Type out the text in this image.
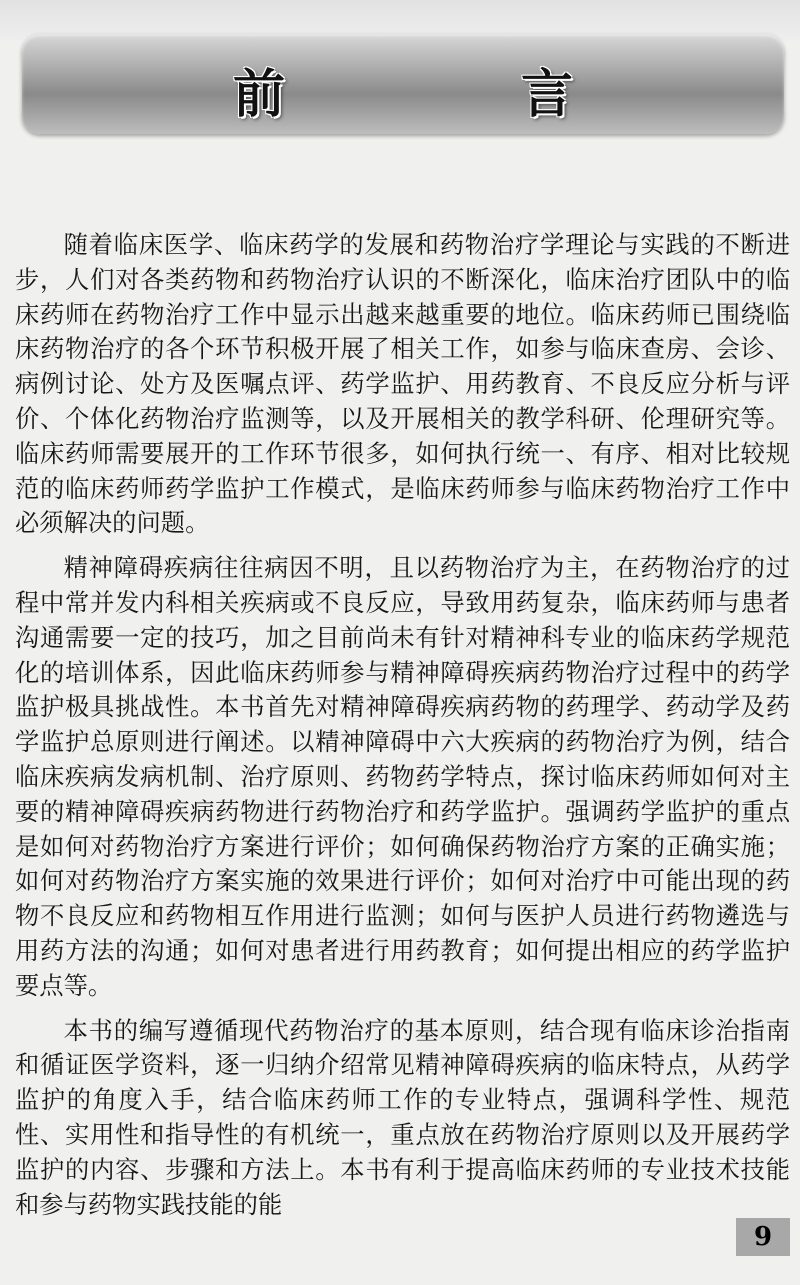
前　言

随着临床医学、临床药学的发展和药物治疗学理论与实践的不断进步，人们对各类药物和药物治疗认识的不断深化，临床治疗团队中的临床药师在药物治疗工作中显示出越来越重要的地位。临床药师已围绕临床药物治疗的各个环节积极开展了相关工作，如参与临床查房、会诊、病例讨论、处方及医嘱点评、药学监护、用药教育、不良反应分析与评价、个体化药物治疗监测等，以及开展相关的教学科研、伦理研究等。临床药师需要展开的工作环节很多，如何执行统一、有序、相对比较规范的临床药师药学监护工作模式，是临床药师参与临床药物治疗工作中必须解决的问题。

精神障碍疾病往往病因不明，且以药物治疗为主，在药物治疗的过程中常并发内科相关疾病或不良反应，导致用药复杂，临床药师与患者沟通需要一定的技巧，加之目前尚未有针对精神科专业的临床药学规范化的培训体系，因此临床药师参与精神障碍疾病药物治疗过程中的药学监护极具挑战性。本书首先对精神障碍疾病药物的药理学、药动学及药学监护总原则进行阐述。以精神障碍中六大疾病的药物治疗为例，结合临床疾病发病机制、治疗原则、药物药学特点，探讨临床药师如何对主要的精神障碍疾病药物进行药物治疗和药学监护。强调药学监护的重点是如何对药物治疗方案进行评价；如何确保药物治疗方案的正确实施；如何对药物治疗方案实施的效果进行评价；如何对治疗中可能出现的药物不良反应和药物相互作用进行监测；如何与医护人员进行药物遴选与用药方法的沟通；如何对患者进行用药教育；如何提出相应的药学监护要点等。

本书的编写遵循现代药物治疗的基本原则，结合现有临床诊治指南和循证医学资料，逐一归纳介绍常见精神障碍疾病的临床特点，从药学监护的角度入手，结合临床药师工作的专业特点，强调科学性、规范性、实用性和指导性的有机统一，重点放在药物治疗原则以及开展药学监护的内容、步骤和方法上。本书有利于提高临床药师的专业技术技能和参与药物实践技能的能

9
